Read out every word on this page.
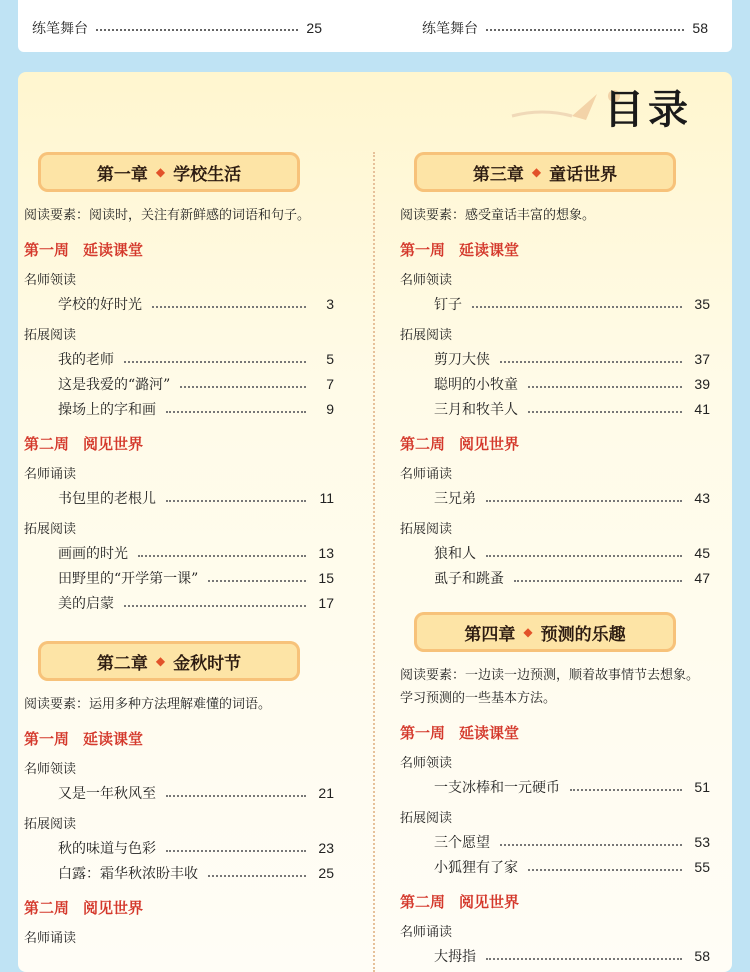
练笔舞台	25	练笔舞台	58
目录
第一章 ◆ 学校生活
阅读要素：阅读时，关注有新鲜感的词语和句子。
第一周 延读课堂
名师领读
学校的好时光	3
拓展阅读
我的老师	5
这是我爱的“潞河”	7
操场上的字和画	9
第二周 阅见世界
名师诵读
书包里的老根儿	11
拓展阅读
画画的时光	13
田野里的“开学第一课”	15
美的启蒙	17
第二章 ◆ 金秋时节
阅读要素：运用多种方法理解难懂的词语。
第一周 延读课堂
名师领读
又是一年秋风至	21
拓展阅读
秋的味道与色彩	23
白露：霜华秋浓盼丰收	25
第二周 阅见世界
名师诵读
第三章 ◆ 童话世界
阅读要素：感受童话丰富的想象。
第一周 延读课堂
名师领读
钉子	35
拓展阅读
剪刀大侠	37
聪明的小牧童	39
三月和牧羊人	41
第二周 阅见世界
名师诵读
三兄弟	43
拓展阅读
狼和人	45
虱子和跳蚤	47
第四章 ◆ 预测的乐趣
阅读要素：一边读一边预测，顺着故事情节去想象。学习预测的一些基本方法。
第一周 延读课堂
名师领读
一支冰棒和一元硬币	51
拓展阅读
三个愿望	53
小狐狸有了家	55
第二周 阅见世界
名师诵读
大拇指	58
